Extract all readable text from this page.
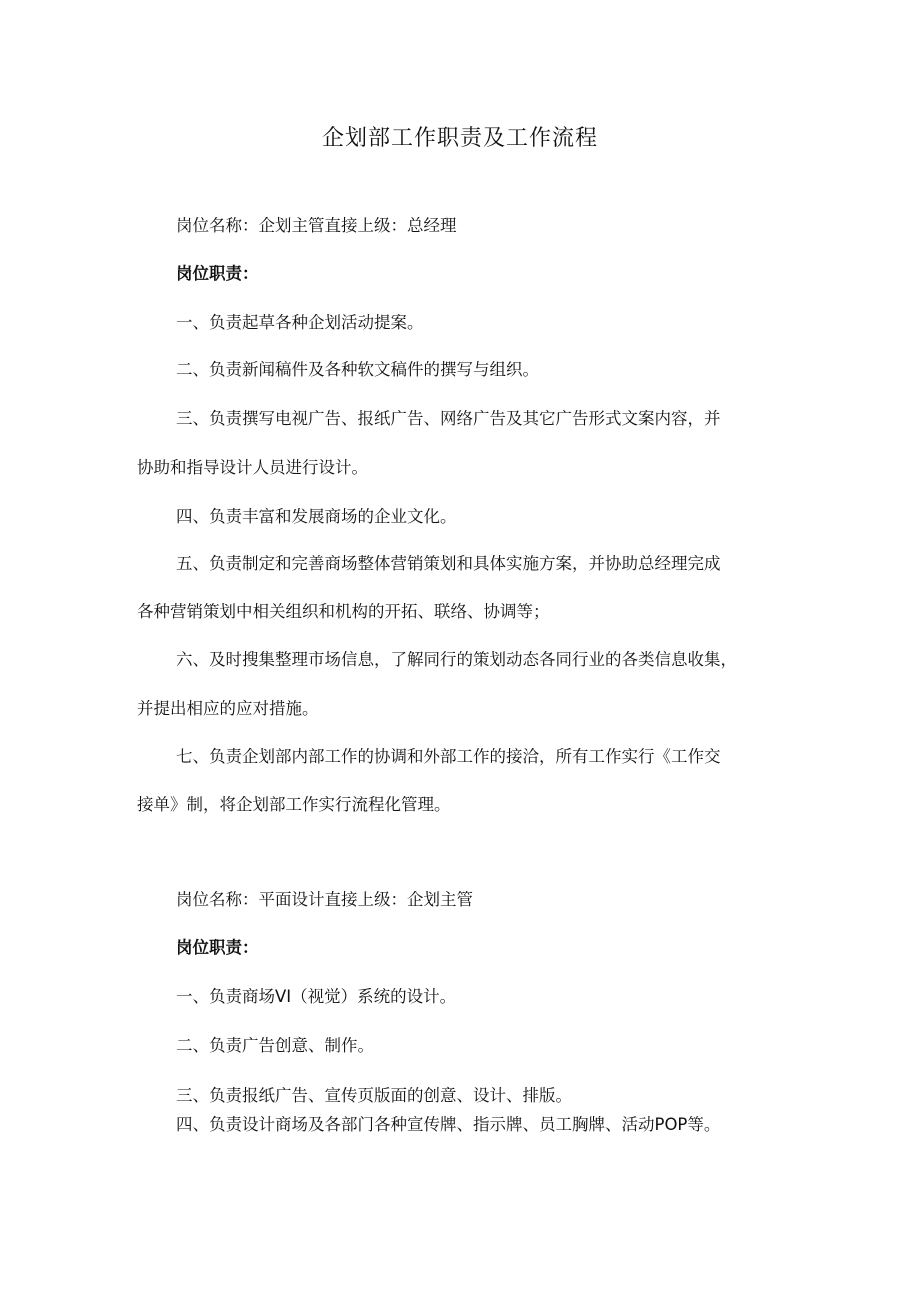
企划部工作职责及工作流程
岗位名称：企划主管直接上级：总经理
岗位职责：
一、负责起草各种企划活动提案。
二、负责新闻稿件及各种软文稿件的撰写与组织。
三、负责撰写电视广告、报纸广告、网络广告及其它广告形式文案内容，并
协助和指导设计人员进行设计。
四、负责丰富和发展商场的企业文化。
五、负责制定和完善商场整体营销策划和具体实施方案，并协助总经理完成
各种营销策划中相关组织和机构的开拓、联络、协调等；
六、及时搜集整理市场信息，了解同行的策划动态各同行业的各类信息收集，
并提出相应的应对措施。
七、负责企划部内部工作的协调和外部工作的接洽，所有工作实行《工作交
接单》制，将企划部工作实行流程化管理。
岗位名称：平面设计直接上级：企划主管
岗位职责：
一、负责商场VI（视觉）系统的设计。
二、负责广告创意、制作。
三、负责报纸广告、宣传页版面的创意、设计、排版。
四、负责设计商场及各部门各种宣传牌、指示牌、员工胸牌、活动POP等。
